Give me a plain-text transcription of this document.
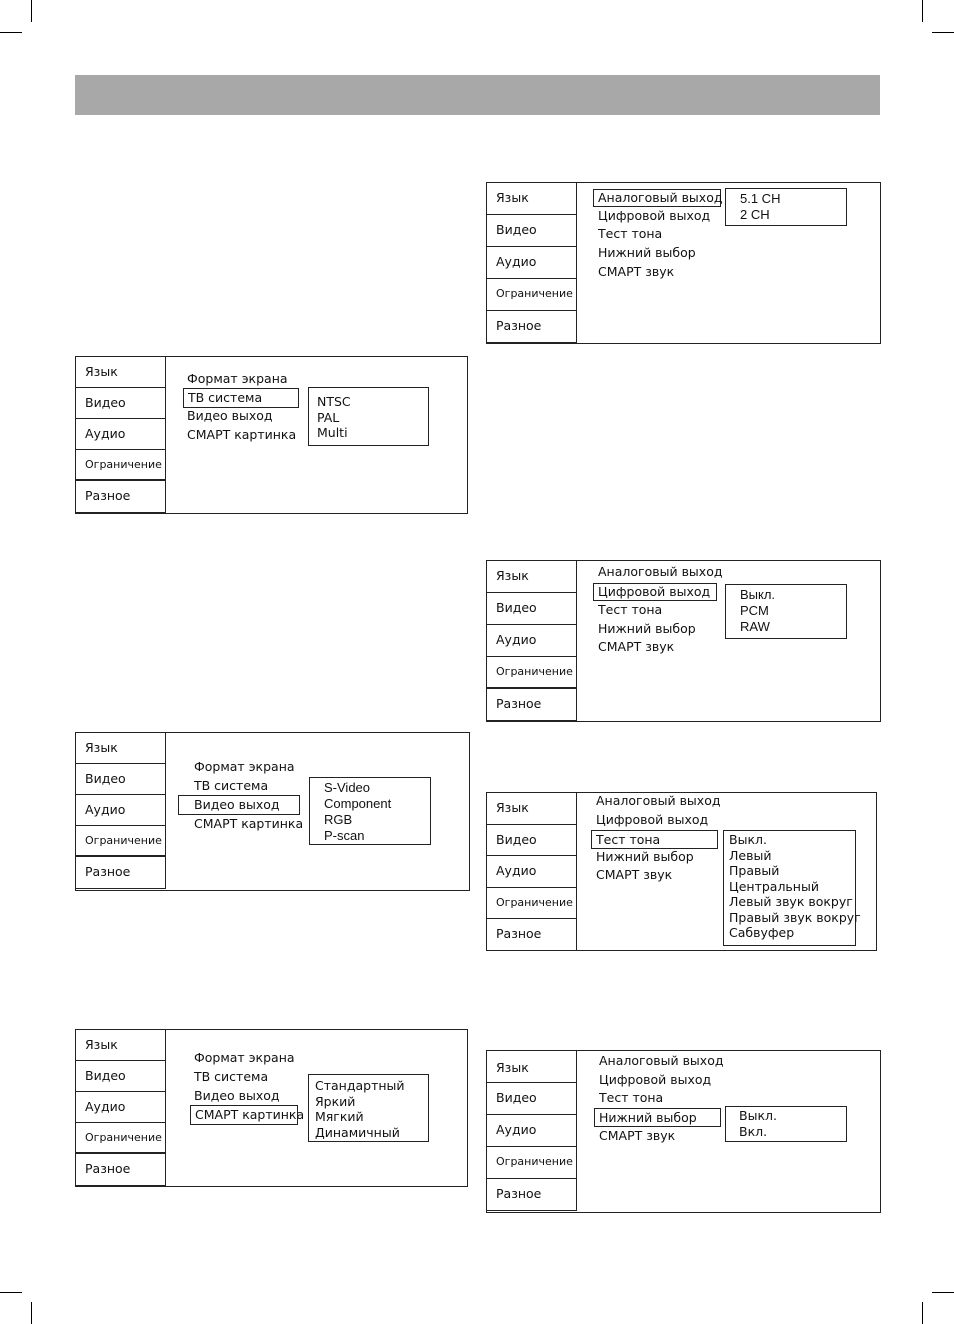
Язык
Видео
Аудио
Ограничение
Разное
Формат экрана
ТВ система
Видео выход
СМАРТ картинка
NTSC
PAL
Multi
Язык
Видео
Аудио
Ограничение
Разное
Формат экрана
ТВ система
Видео выход
СМАРТ картинка
S-Video
Component
RGB
P-scan
Язык
Видео
Аудио
Ограничение
Разное
Формат экрана
ТВ система
Видео выход
СМАРТ картинка
Стандартный
Яркий
Мягкий
Динамичный
Язык
Видео
Аудио
Ограничение
Разное
Аналоговый выход
Цифровой выход
Тест тона
Нижний выбор
СМАРТ звук
5.1 CH
2 CH
Язык
Видео
Аудио
Ограничение
Разное
Аналоговый выход
Цифровой выход
Тест тона
Нижний выбор
СМАРТ звук
Выкл.
PCM
RAW
Язык
Видео
Аудио
Ограничение
Разное
Аналоговый выход
Цифровой выход
Тест тона
Нижний выбор
СМАРТ звук
Выкл.
Левый
Правый
Центральный
Левый звук вокруг
Правый звук вокруг
Сабвуфер
Язык
Видео
Аудио
Ограничение
Разное
Аналоговый выход
Цифровой выход
Тест тона
Нижний выбор
СМАРТ звук
Выкл.
Вкл.
